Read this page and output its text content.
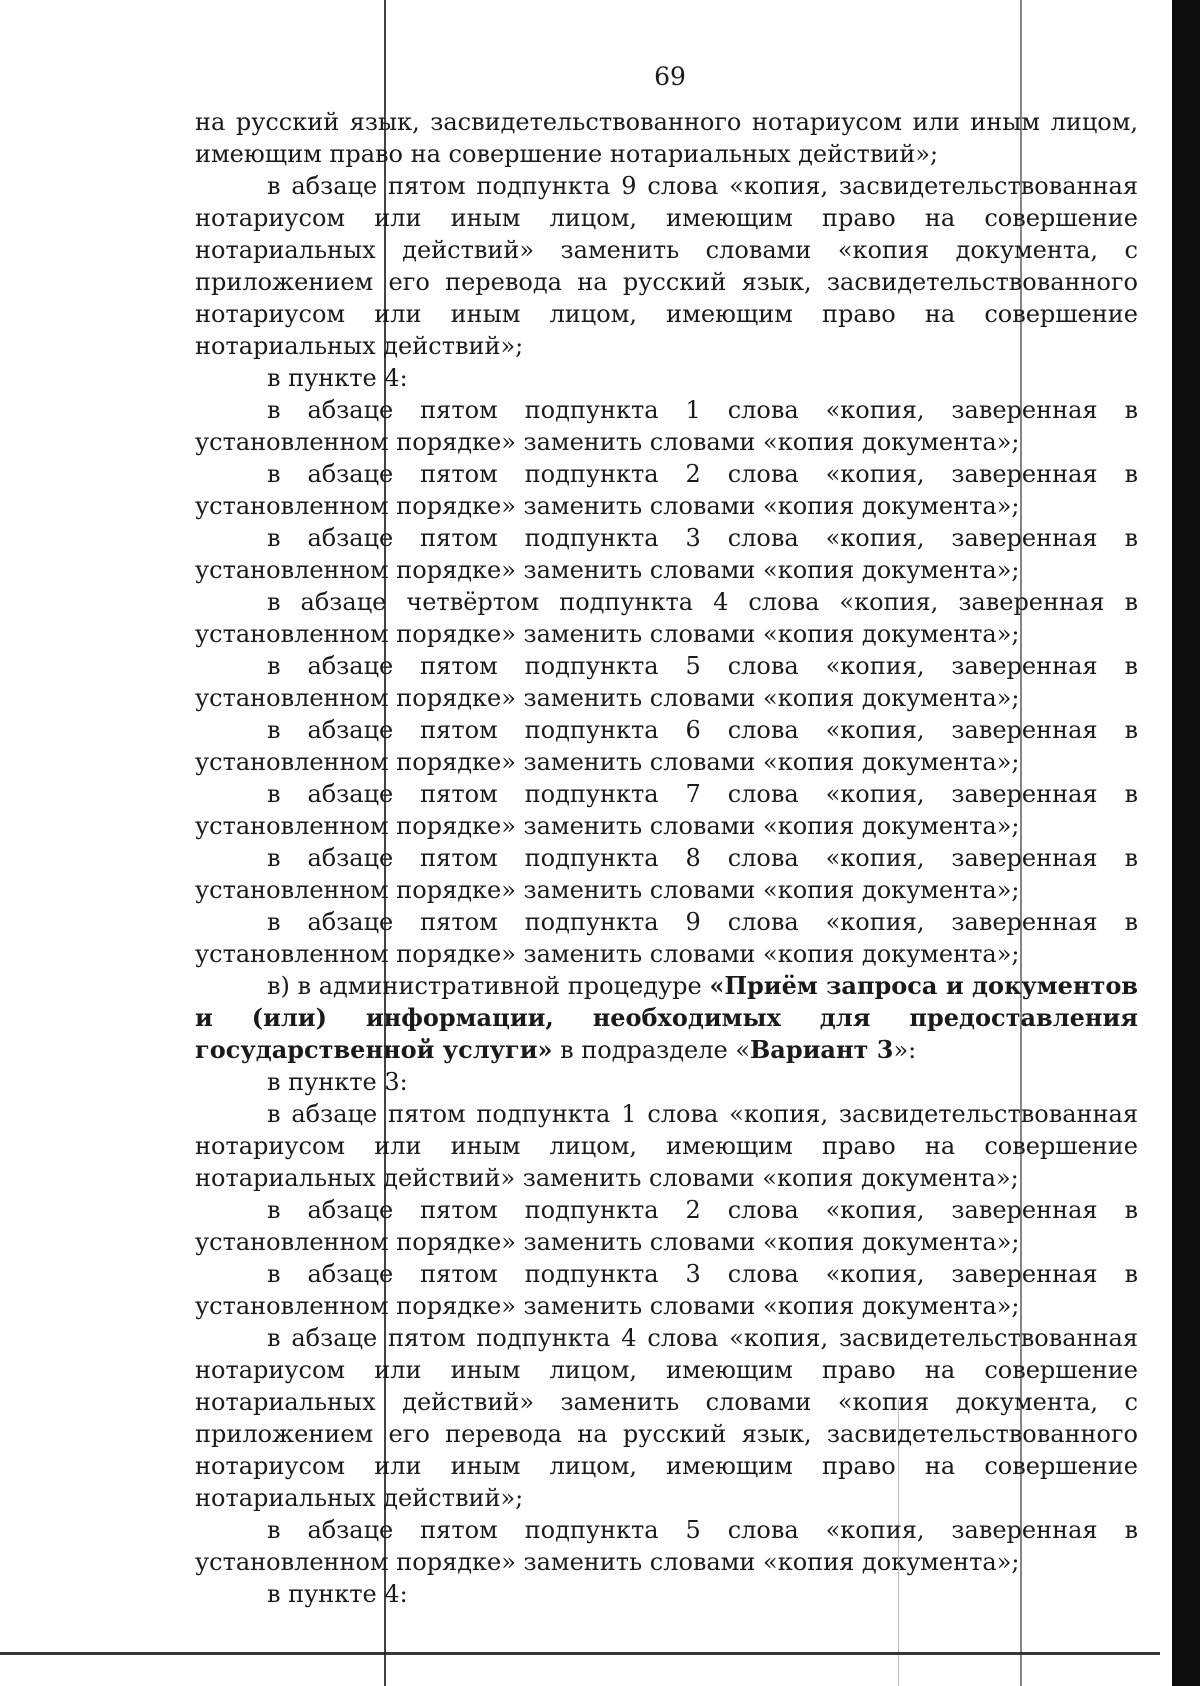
69

на русский язык, засвидетельствованного нотариусом или иным лицом, имеющим право на совершение нотариальных действий»;

в абзаце пятом подпункта 9 слова «копия, засвидетельствованная нотариусом или иным лицом, имеющим право на совершение нотариальных действий» заменить словами «копия документа, с приложением его перевода на русский язык, засвидетельствованного нотариусом или иным лицом, имеющим право на совершение нотариальных действий»;

в пункте 4:

в абзаце пятом подпункта 1 слова «копия, заверенная в установленном порядке» заменить словами «копия документа»;

в абзаце пятом подпункта 2 слова «копия, заверенная в установленном порядке» заменить словами «копия документа»;

в абзаце пятом подпункта 3 слова «копия, заверенная в установленном порядке» заменить словами «копия документа»;

в абзаце четвёртом подпункта 4 слова «копия, заверенная в установленном порядке» заменить словами «копия документа»;

в абзаце пятом подпункта 5 слова «копия, заверенная в установленном порядке» заменить словами «копия документа»;

в абзаце пятом подпункта 6 слова «копия, заверенная в установленном порядке» заменить словами «копия документа»;

в абзаце пятом подпункта 7 слова «копия, заверенная в установленном порядке» заменить словами «копия документа»;

в абзаце пятом подпункта 8 слова «копия, заверенная в установленном порядке» заменить словами «копия документа»;

в абзаце пятом подпункта 9 слова «копия, заверенная в установленном порядке» заменить словами «копия документа»;

в) в административной процедуре «Приём запроса и документов и (или) информации, необходимых для предоставления государственной услуги» в подразделе «Вариант 3»:

в пункте 3:

в абзаце пятом подпункта 1 слова «копия, засвидетельствованная нотариусом или иным лицом, имеющим право на совершение нотариальных действий» заменить словами «копия документа»;

в абзаце пятом подпункта 2 слова «копия, заверенная в установленном порядке» заменить словами «копия документа»;

в абзаце пятом подпункта 3 слова «копия, заверенная в установленном порядке» заменить словами «копия документа»;

в абзаце пятом подпункта 4 слова «копия, засвидетельствованная нотариусом или иным лицом, имеющим право на совершение нотариальных действий» заменить словами «копия документа, с приложением его перевода на русский язык, засвидетельствованного нотариусом или иным лицом, имеющим право на совершение нотариальных действий»;

в абзаце пятом подпункта 5 слова «копия, заверенная в установленном порядке» заменить словами «копия документа»;

в пункте 4:
